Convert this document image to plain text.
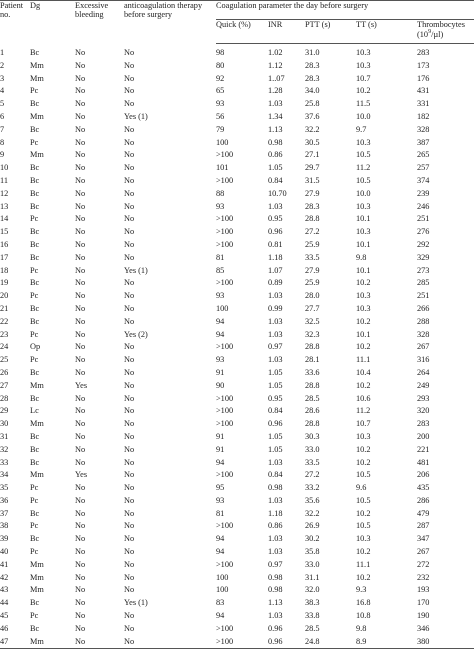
Patient no.	Dg	Excessive bleeding	anticoagulation therapy before surgery	Coagulation parameter the day before surgery				
				Quick (%)	INR	PTT (s)	TT (s)	Thrombocytes
$(10^9/\mu l)$

1	Bc	No	No	98	1.02	31.0	10.3	283
2	Mm	No	No	80	1.12	28.3	10.3	173
3	Mm	No	No	92	1..07	28.3	10.7	176
4	Pc	No	No	65	1.28	34.0	10.2	431
5	Bc	No	No	93	1.03	25.8	11.5	331
6	Mm	No	Yes (1)	56	1.34	37.6	10.0	182
7	Bc	No	No	79	1.13	32.2	9.7	328
8	Pc	No	No	100	0.98	30.5	10.3	387
9	Mm	No	No	>100	0.86	27.1	10.5	265
10	Bc	No	No	101	1.05	29.7	11.2	257
11	Bc	No	No	>100	0.84	31.5	10.5	374
12	Bc	No	No	88	10.70	27.9	10.0	239
13	Bc	No	No	93	1.03	28.3	10.3	246
14	Pc	No	No	>100	0.95	28.8	10.1	251
15	Bc	No	No	>100	0.96	27.2	10.3	276
16	Bc	No	No	>100	0.81	25.9	10.1	292
17	Bc	No	No	81	1.18	33.5	9.8	329
18	Pc	No	Yes (1)	85	1.07	27.9	10.1	273
19	Bc	No	No	>100	0.89	25.9	10.2	285
20	Pc	No	No	93	1.03	28.0	10.3	251
21	Bc	No	No	100	0.99	27.7	10.3	266
22	Bc	No	No	94	1.03	32.5	10.2	288
23	Pc	No	Yes (2)	94	1.03	32.3	10.1	328
24	Op	No	No	>100	0.97	28.8	10.2	267
25	Pc	No	No	93	1.03	28.1	11.1	316
26	Bc	No	No	91	1.05	33.6	10.4	264
27	Mm	Yes	No	90	1.05	28.8	10.2	249
28	Bc	No	No	>100	0.95	28.5	10.6	293
29	Lc	No	No	>100	0.84	28.6	11.2	320
30	Mm	No	No	>100	0.96	28.8	10.7	283
31	Bc	No	No	91	1.05	30.3	10.3	200
32	Bc	No	No	91	1.05	33.0	10.2	221
33	Bc	No	No	94	1.03	33.5	10.2	481
34	Mm	Yes	No	>100	0.84	27.2	10.5	206
35	Pc	No	No	95	0.98	33.2	9.6	435
36	Pc	No	No	93	1.03	35.6	10.5	286
37	Bc	No	No	81	1.18	32.2	10.2	479
38	Pc	No	No	>100	0.86	26.9	10.5	287
39	Bc	No	No	94	1.03	30.2	10.3	347
40	Pc	No	No	94	1.03	35.8	10.2	267
41	Mm	No	No	>100	0.97	33.0	11.1	272
42	Mm	No	No	100	0.98	31.1	10.2	232
43	Mm	No	No	100	0.98	32.0	9.3	193
44	Bc	No	Yes (1)	83	1.13	38.3	16.8	170
45	Pc	No	No	94	1.03	33.8	10.8	190
46	Bc	No	No	>100	0.96	28.5	9.8	346
47	Mm	No	No	>100	0.96	24.8	8.9	380
